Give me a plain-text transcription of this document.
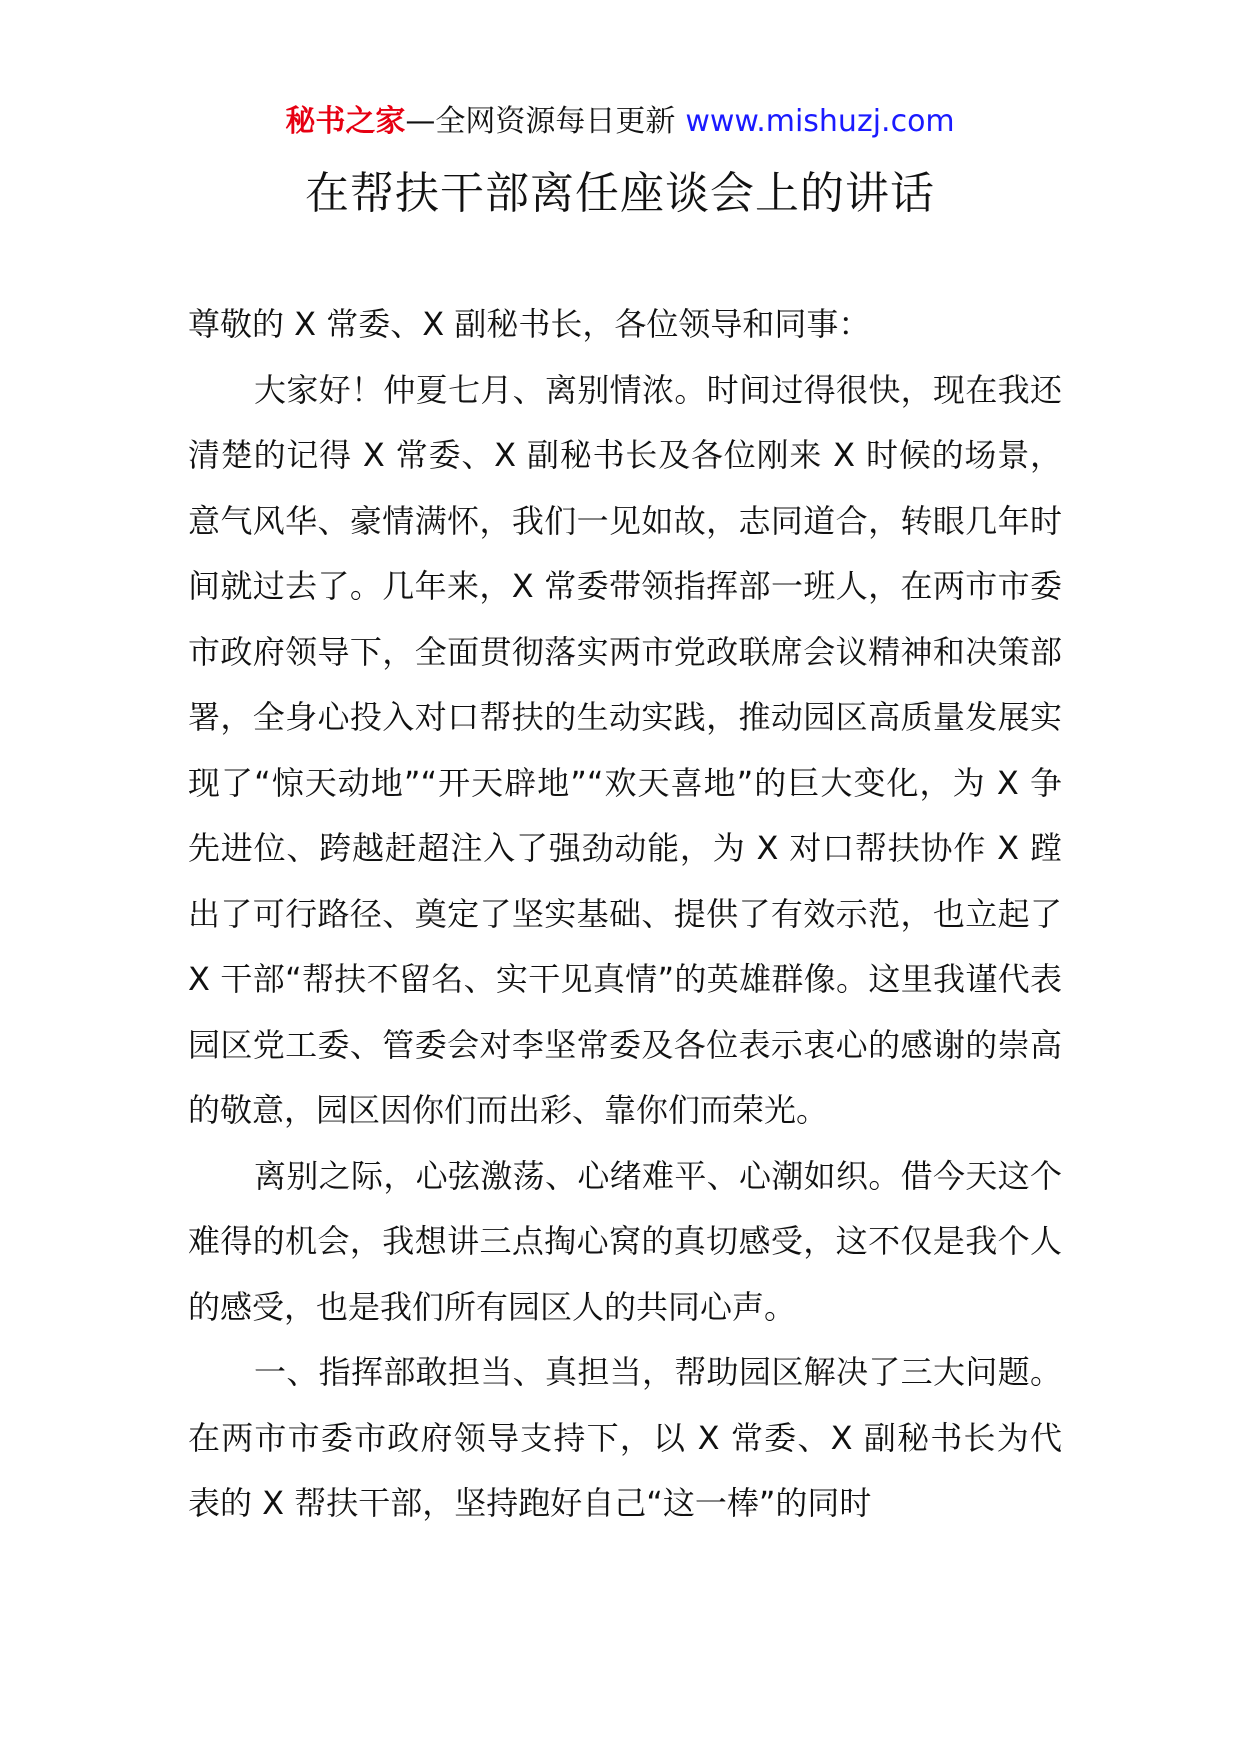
秘书之家—全网资源每日更新 www.mishuzj.com
在帮扶干部离任座谈会上的讲话

尊敬的 X 常委、X 副秘书长，各位领导和同事：

大家好！仲夏七月、离别情浓。时间过得很快，现在我还清楚的记得 X 常委、X 副秘书长及各位刚来 X 时候的场景，意气风华、豪情满怀，我们一见如故，志同道合，转眼几年时间就过去了。几年来，X 常委带领指挥部一班人，在两市市委市政府领导下，全面贯彻落实两市党政联席会议精神和决策部署，全身心投入对口帮扶的生动实践，推动园区高质量发展实现了“惊天动地”“开天辟地”“欢天喜地”的巨大变化，为 X 争先进位、跨越赶超注入了强劲动能，为 X 对口帮扶协作 X 蹚出了可行路径、奠定了坚实基础、提供了有效示范，也立起了 X 干部“帮扶不留名、实干见真情”的英雄群像。这里我谨代表园区党工委、管委会对李坚常委及各位表示衷心的感谢的崇高的敬意，园区因你们而出彩、靠你们而荣光。

离别之际，心弦激荡、心绪难平、心潮如织。借今天这个难得的机会，我想讲三点掏心窝的真切感受，这不仅是我个人的感受，也是我们所有园区人的共同心声。

一、指挥部敢担当、真担当，帮助园区解决了三大问题。在两市市委市政府领导支持下，以 X 常委、X 副秘书长为代表的 X 帮扶干部，坚持跑好自己“这一棒”的同时
